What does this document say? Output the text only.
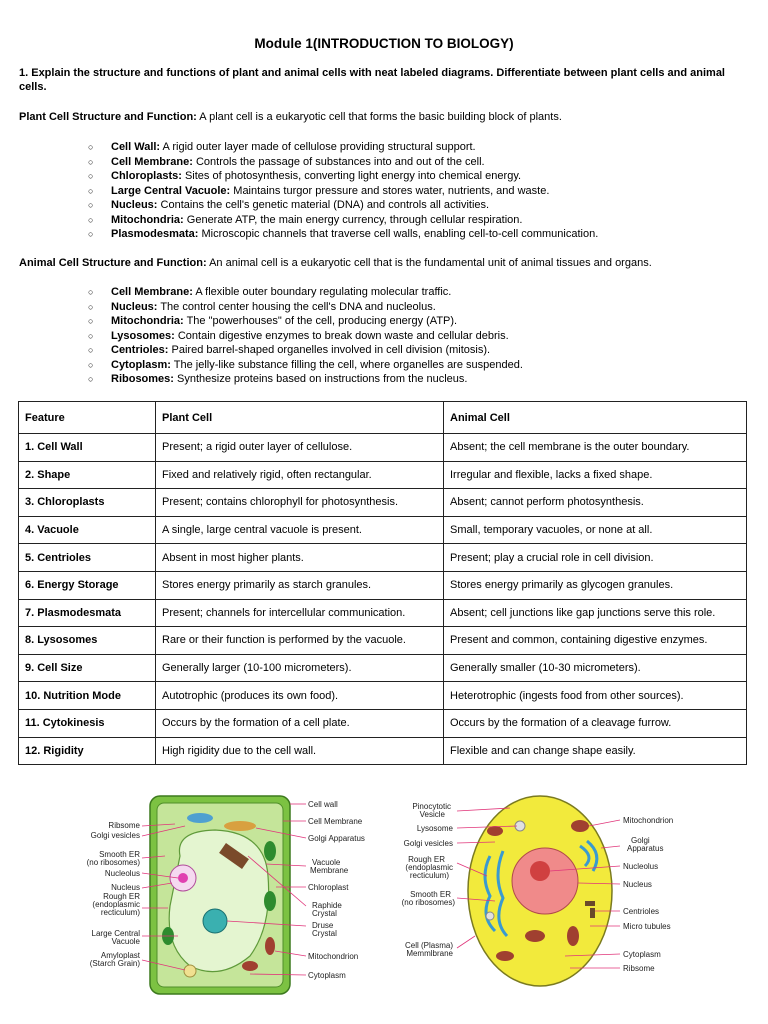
Module 1(INTRODUCTION TO BIOLOGY)
1. Explain the structure and functions of plant and animal cells with neat labeled diagrams. Differentiate between plant cells and animal cells.
Plant Cell Structure and Function: A plant cell is a eukaryotic cell that forms the basic building block of plants.
○ Cell Wall: A rigid outer layer made of cellulose providing structural support.
○ Cell Membrane: Controls the passage of substances into and out of the cell.
○ Chloroplasts: Sites of photosynthesis, converting light energy into chemical energy.
○ Large Central Vacuole: Maintains turgor pressure and stores water, nutrients, and waste.
○ Nucleus: Contains the cell's genetic material (DNA) and controls all activities.
○ Mitochondria: Generate ATP, the main energy currency, through cellular respiration.
○ Plasmodesmata: Microscopic channels that traverse cell walls, enabling cell-to-cell communication.
Animal Cell Structure and Function: An animal cell is a eukaryotic cell that is the fundamental unit of animal tissues and organs.
○ Cell Membrane: A flexible outer boundary regulating molecular traffic.
○ Nucleus: The control center housing the cell's DNA and nucleolus.
○ Mitochondria: The "powerhouses" of the cell, producing energy (ATP).
○ Lysosomes: Contain digestive enzymes to break down waste and cellular debris.
○ Centrioles: Paired barrel-shaped organelles involved in cell division (mitosis).
○ Cytoplasm: The jelly-like substance filling the cell, where organelles are suspended.
○ Ribosomes: Synthesize proteins based on instructions from the nucleus.
Feature	Plant Cell	Animal Cell
1. Cell Wall	Present; a rigid outer layer of cellulose.	Absent; the cell membrane is the outer boundary.
2. Shape	Fixed and relatively rigid, often rectangular.	Irregular and flexible, lacks a fixed shape.
3. Chloroplasts	Present; contains chlorophyll for photosynthesis.	Absent; cannot perform photosynthesis.
4. Vacuole	A single, large central vacuole is present.	Small, temporary vacuoles, or none at all.
5. Centrioles	Absent in most higher plants.	Present; play a crucial role in cell division.
6. Energy Storage	Stores energy primarily as starch granules.	Stores energy primarily as glycogen granules.
7. Plasmodesmata	Present; channels for intercellular communication.	Absent; cell junctions like gap junctions serve this role.
8. Lysosomes	Rare or their function is performed by the vacuole.	Present and common, containing digestive enzymes.
9. Cell Size	Generally larger (10-100 micrometers).	Generally smaller (10-30 micrometers).
10. Nutrition Mode	Autotrophic (produces its own food).	Heterotrophic (ingests food from other sources).
11. Cytokinesis	Occurs by the formation of a cell plate.	Occurs by the formation of a cleavage furrow.
12. Rigidity	High rigidity due to the cell wall.	Flexible and can change shape easily.
Ribsome
Golgi vesicles
Smooth ER
(no ribosomes)
Nucleolus
Nucleus
Rough ER
(endoplasmic
recticulum)
Large Central
Vacuole
Amyloplast
(Starch Grain)
Cell wall
Cell Membrane
Golgi Apparatus
Vacuole
Membrane
Chloroplast
Raphide
Crystal
Druse
Crystal
Mitochondrion
Cytoplasm
Pinocytotic
Vesicle
Lysosome
Golgi vesicles
Rough ER
(endoplasmic
recticulum)
Smooth ER
(no ribosomes)
Cell (Plasma)
Memmlbrane
Mitochondrion
Golgi
Apparatus
Nucleolus
Nucleus
Centrioles
Micro tubules
Cytoplasm
Ribsome
